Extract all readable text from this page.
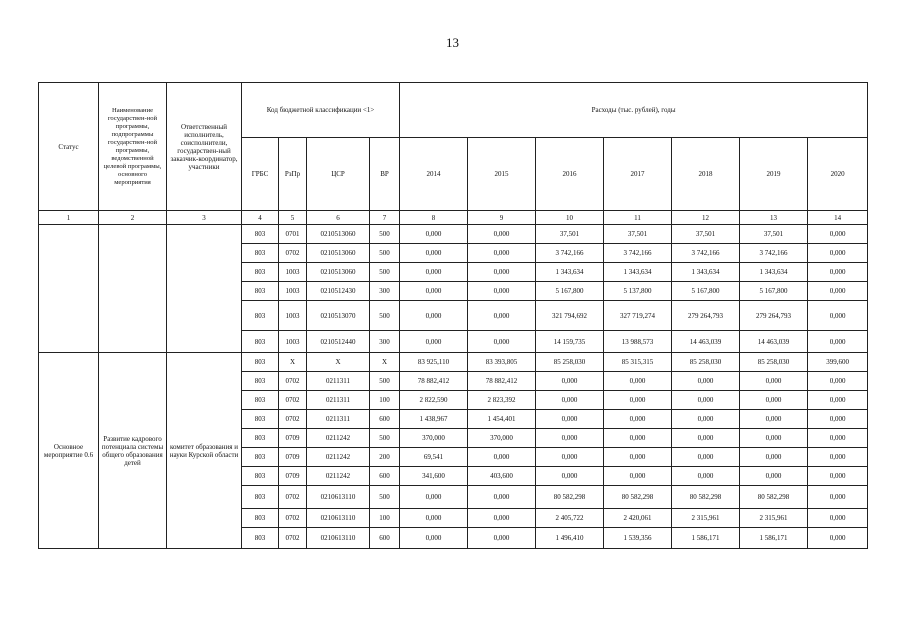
13
Статус	Наименование государствен-ной программы, подпрограммы государствен-ной программы, ведомственной целевой программы, основного мероприятия	Ответственный исполнитель, соисполнители, государствен-ный заказчик-координатор, участники	Код бюджетной классификации <1>				Расходы (тыс. рублей), годы						
			ГРБС	РзПр	ЦСР	ВР	2014	2015	2016	2017	2018	2019	2020
1	2	3	4	5	6	7	8	9	10	11	12	13	14
			803	0701	0210513060	500	0,000	0,000	37,501	37,501	37,501	37,501	0,000
			803	0702	0210513060	500	0,000	0,000	3 742,166	3 742,166	3 742,166	3 742,166	0,000
			803	1003	0210513060	500	0,000	0,000	1 343,634	1 343,634	1 343,634	1 343,634	0,000
			803	1003	0210512430	300	0,000	0,000	5 167,800	5 137,800	5 167,800	5 167,800	0,000
			803	1003	0210513070	500	0,000	0,000	321 794,692	327 719,274	279 264,793	279 264,793	0,000
			803	1003	0210512440	300	0,000	0,000	14 159,735	13 988,573	14 463,039	14 463,039	0,000
Основное мероприятие 0.6	Развитие кадрового потенциала системы общего образования детей	комитет образования и науки Курской области	803	X	X	X	83 925,110	83 393,805	85 258,030	85 315,315	85 258,030	85 258,030	399,600
			803	0702	0211311	500	78 882,412	78 882,412	0,000	0,000	0,000	0,000	0,000
			803	0702	0211311	100	2 822,590	2 823,392	0,000	0,000	0,000	0,000	0,000
			803	0702	0211311	600	1 438,967	1 454,401	0,000	0,000	0,000	0,000	0,000
			803	0709	0211242	500	370,000	370,000	0,000	0,000	0,000	0,000	0,000
			803	0709	0211242	200	69,541	0,000	0,000	0,000	0,000	0,000	0,000
			803	0709	0211242	600	341,600	403,600	0,000	0,000	0,000	0,000	0,000
			803	0702	0210613110	500	0,000	0,000	80 582,298	80 582,298	80 582,298	80 582,298	0,000
			803	0702	0210613110	100	0,000	0,000	2 405,722	2 420,061	2 315,961	2 315,961	0,000
			803	0702	0210613110	600	0,000	0,000	1 496,410	1 539,356	1 586,171	1 586,171	0,000
